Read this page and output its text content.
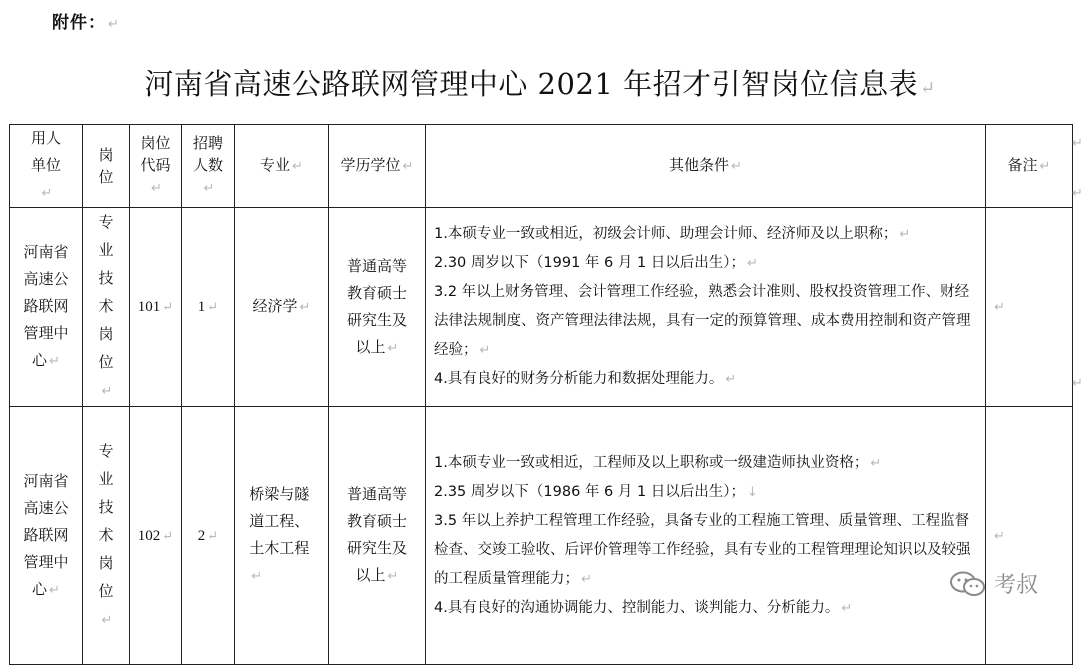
附件： ↵
河南省高速公路联网管理中心 2021 年招才引智岗位信息表 ↵
用人单位↵	岗位	岗位代码↵	招聘人数↵	专业 ↵	学历学位 ↵	其他条件 ↵	备注 ↵

河南省高速公路联网管理中心 ↵	专业技术岗位↵	101 ↵	1 ↵	经济学 ↵	普通高等教育硕士研究生及以上 ↵	1.本硕专业一致或相近，初级会计师、助理会计师、经济师及以上职称； ↵
2.30 周岁以下（1991 年 6 月 1 日以后出生）； ↵
3.2 年以上财务管理、会计管理工作经验，熟悉会计准则、股权投资管理工作、财经法律法规制度、资产管理法律法规，具有一定的预算管理、成本费用控制和资产管理经验； ↵
4.具有良好的财务分析能力和数据处理能力。 ↵	↵

河南省高速公路联网管理中心 ↵	专业技术岗位↵	102 ↵	2 ↵	桥梁与隧道工程、土木工程↵	普通高等教育硕士研究生及以上 ↵	1.本硕专业一致或相近，工程师及以上职称或一级建造师执业资格； ↵
2.35 周岁以下（1986 年 6 月 1 日以后出生）； ↓
3.5 年以上养护工程管理工作经验，具备专业的工程施工管理、质量管理、工程监督检查、交竣工验收、后评价管理等工作经验，具有专业的工程管理理论知识以及较强的工程质量管理能力； ↵
4.具有良好的沟通协调能力、控制能力、谈判能力、分析能力。 ↵	↵
↵
↵
↵
考叔
